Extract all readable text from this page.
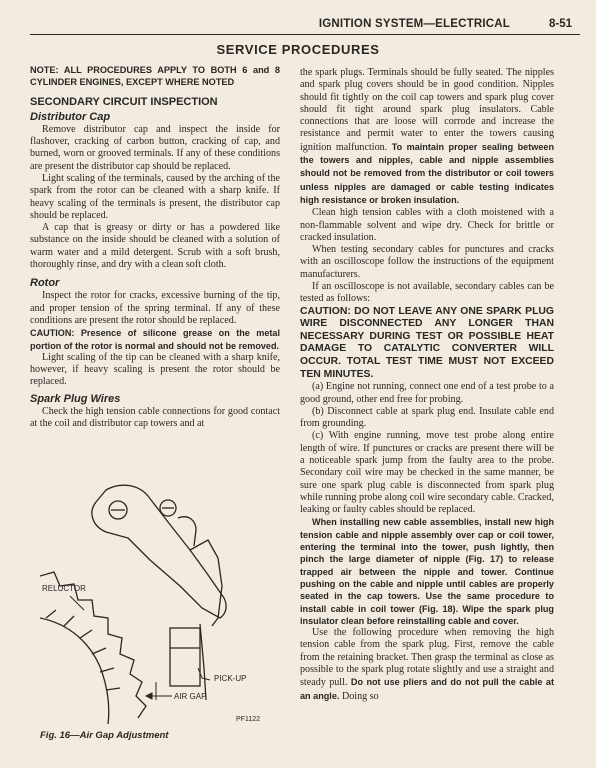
IGNITION SYSTEM—ELECTRICAL	8-51
SERVICE PROCEDURES

NOTE: ALL PROCEDURES APPLY TO BOTH 6 and 8 CYLINDER ENGINES, EXCEPT WHERE NOTED

SECONDARY CIRCUIT INSPECTION
Distributor Cap

Remove distributor cap and inspect the inside for flashover, cracking of carbon button, cracking of cap, and burned, worn or grooved terminals. If any of these conditions are present the distributor cap should be replaced.

Light scaling of the terminals, caused by the arching of the spark from the rotor can be cleaned with a sharp knife. If heavy scaling of the terminals is present, the distributor cap should be replaced.

A cap that is greasy or dirty or has a powdered like substance on the inside should be cleaned with a solution of warm water and a mild detergent. Scrub with a soft brush, thoroughly rinse, and dry with a clean soft cloth.

Rotor

Inspect the rotor for cracks, excessive burning of the tip, and proper tension of the spring terminal. If any of these conditions are present the rotor should be replaced.

CAUTION: Presence of silicone grease on the metal portion of the rotor is normal and should not be removed.

Light scaling of the tip can be cleaned with a sharp knife, however, if heavy scaling is present the rotor should be replaced.

Spark Plug Wires

Check the high tension cable connections for good contact at the coil and distributor cap towers and at

RELUCTOR
PICK-UP
AIR GAP
PF1122
Fig. 16—Air Gap Adjustment

the spark plugs. Terminals should be fully seated. The nipples and spark plug covers should be in good condition. Nipples should fit tightly on the coil cap towers and spark plug cover should fit tight around spark plug insulators. Cable connections that are loose will corrode and increase the resistance and permit water to enter the towers causing ignition malfunction. To maintain proper sealing between the towers and nipples, cable and nipple assemblies should not be removed from the distributor or coil towers unless nipples are damaged or cable testing indicates high resistance or broken insulation.

Clean high tension cables with a cloth moistened with a non-flammable solvent and wipe dry. Check for brittle or cracked insulation.

When testing secondary cables for punctures and cracks with an oscilloscope follow the instructions of the equipment manufacturers.

If an oscilloscope is not available, secondary cables can be tested as follows:

CAUTION: DO NOT LEAVE ANY ONE SPARK PLUG WIRE DISCONNECTED ANY LONGER THAN NECESSARY DURING TEST OR POSSIBLE HEAT DAMAGE TO CATALYTIC CONVERTER WILL OCCUR. TOTAL TEST TIME MUST NOT EXCEED TEN MINUTES.

(a) Engine not running, connect one end of a test probe to a good ground, other end free for probing.

(b) Disconnect cable at spark plug end. Insulate cable end from grounding.

(c) With engine running, move test probe along entire length of wire. If punctures or cracks are present there will be a noticeable spark jump from the faulty area to the probe. Secondary coil wire may be checked in the same manner, be sure one spark plug cable is disconnected from spark plug while running probe along coil wire secondary cable. Cracked, leaking or faulty cables should be replaced.

When installing new cable assemblies, install new high tension cable and nipple assembly over cap or coil tower, entering the terminal into the tower, push lightly, then pinch the large diameter of nipple (Fig. 17) to release trapped air between the nipple and tower. Continue pushing on the cable and nipple until cables are properly seated in the cap towers. Use the same procedure to install cable in coil tower (Fig. 18). Wipe the spark plug insulator clean before reinstalling cable and cover.

Use the following procedure when removing the high tension cable from the spark plug. First, remove the cable from the retaining bracket. Then grasp the terminal as close as possible to the spark plug rotate slightly and use a straight and steady pull. Do not use pliers and do not pull the cable at an angle. Doing so
